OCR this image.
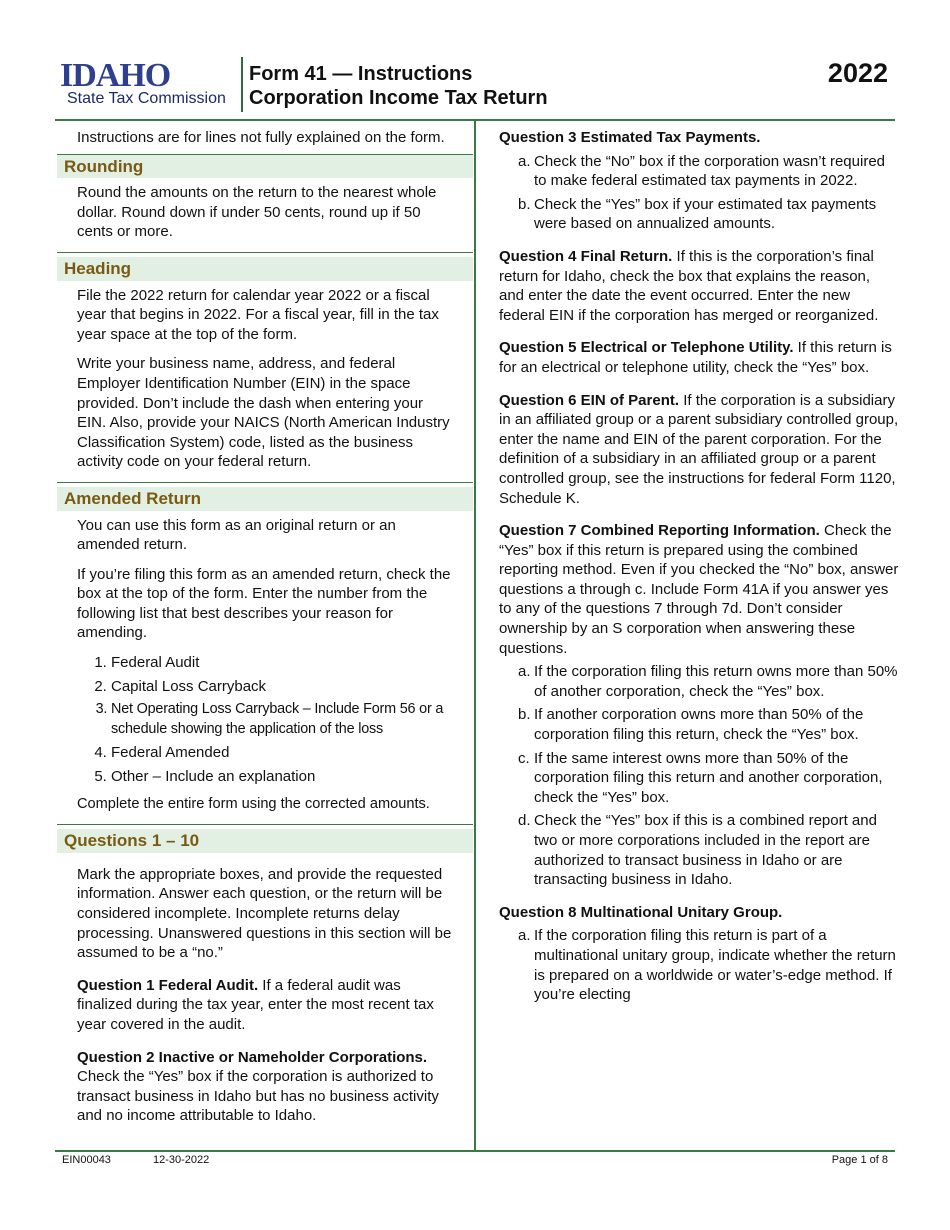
IDAHO
State Tax Commission
Form 41 — Instructions
Corporation Income Tax Return
2022

Instructions are for lines not fully explained on the form.

Rounding

Round the amounts on the return to the nearest whole dollar. Round down if under 50 cents, round up if 50 cents or more.

Heading

File the 2022 return for calendar year 2022 or a fiscal year that begins in 2022. For a fiscal year, fill in the tax year space at the top of the form.

Write your business name, address, and federal Employer Identification Number (EIN) in the space provided. Don’t include the dash when entering your EIN. Also, provide your NAICS (North American Industry Classification System) code, listed as the business activity code on your federal return.

Amended Return

You can use this form as an original return or an amended return.

If you’re filing this form as an amended return, check the box at the top of the form. Enter the number from the following list that best describes your reason for amending.

1. Federal Audit
2. Capital Loss Carryback
3. Net Operating Loss Carryback – Include Form 56 or a schedule showing the application of the loss
4. Federal Amended
5. Other – Include an explanation

Complete the entire form using the corrected amounts.

Questions 1 – 10

Mark the appropriate boxes, and provide the requested information. Answer each question, or the return will be considered incomplete. Incomplete returns delay processing. Unanswered questions in this section will be assumed to be a “no.”

Question 1 Federal Audit. If a federal audit was finalized during the tax year, enter the most recent tax year covered in the audit.

Question 2 Inactive or Nameholder Corporations. Check the “Yes” box if the corporation is authorized to transact business in Idaho but has no business activity and no income attributable to Idaho.

Question 3 Estimated Tax Payments.
a. Check the “No” box if the corporation wasn’t required to make federal estimated tax payments in 2022.
b. Check the “Yes” box if your estimated tax payments were based on annualized amounts.

Question 4 Final Return. If this is the corporation’s final return for Idaho, check the box that explains the reason, and enter the date the event occurred. Enter the new federal EIN if the corporation has merged or reorganized.

Question 5 Electrical or Telephone Utility. If this return is for an electrical or telephone utility, check the “Yes” box.

Question 6 EIN of Parent. If the corporation is a subsidiary in an affiliated group or a parent subsidiary controlled group, enter the name and EIN of the parent corporation. For the definition of a subsidiary in an affiliated group or a parent controlled group, see the instructions for federal Form 1120, Schedule K.

Question 7 Combined Reporting Information. Check the “Yes” box if this return is prepared using the combined reporting method. Even if you checked the “No” box, answer questions a through c. Include Form 41A if you answer yes to any of the questions 7 through 7d. Don’t consider ownership by an S corporation when answering these questions.
a. If the corporation filing this return owns more than 50% of another corporation, check the “Yes” box.
b. If another corporation owns more than 50% of the corporation filing this return, check the “Yes” box.
c. If the same interest owns more than 50% of the corporation filing this return and another corporation, check the “Yes” box.
d. Check the “Yes” box if this is a combined report and two or more corporations included in the report are authorized to transact business in Idaho or are transacting business in Idaho.
Question 8 Multinational Unitary Group.
a. If the corporation filing this return is part of a multinational unitary group, indicate whether the return is prepared on a worldwide or water’s-edge method. If you’re electing
EIN00043	12-30-2022	Page 1 of 8
